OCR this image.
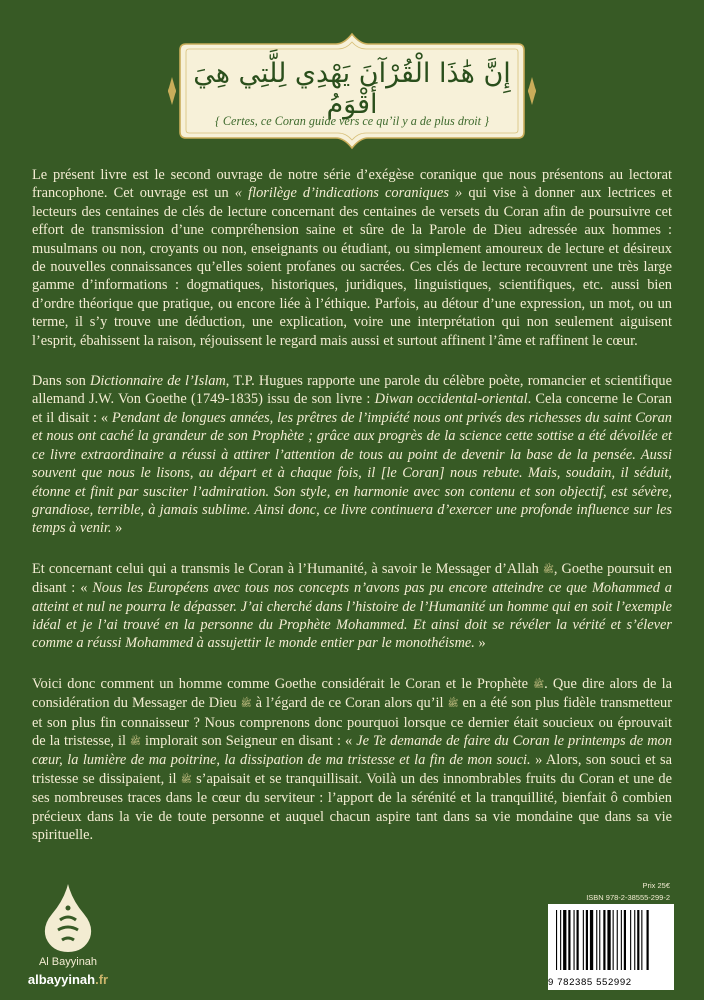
إِنَّ هَٰذَا الْقُرْآنَ يَهْدِي لِلَّتِي هِيَ أَقْوَمُ
{ Certes, ce Coran guide vers ce qu’il y a de plus droit }

Le présent livre est le second ouvrage de notre série d’exégèse coranique que nous présentons au lectorat francophone. Cet ouvrage est un « florilège d’indications coraniques » qui vise à donner aux lectrices et lecteurs des centaines de clés de lecture concernant des centaines de versets du Coran afin de poursuivre cet effort de transmission d’une compréhension saine et sûre de la Parole de Dieu adressée aux hommes : musulmans ou non, croyants ou non, enseignants ou étudiant, ou simplement amoureux de lecture et désireux de nouvelles connaissances qu’elles soient profanes ou sacrées. Ces clés de lecture recouvrent une très large gamme d’informations : dogmatiques, historiques, juridiques, linguistiques, scientifiques, etc. aussi bien d’ordre théorique que pratique, ou encore liée à l’éthique. Parfois, au détour d’une expression, un mot, ou un terme, il s’y trouve une déduction, une explication, voire une interprétation qui non seulement aiguisent l’esprit, ébahissent la raison, réjouissent le regard mais aussi et surtout affinent l’âme et raffinent le cœur.

Dans son Dictionnaire de l’Islam, T.P. Hugues rapporte une parole du célèbre poète, romancier et scientifique allemand J.W. Von Goethe (1749-1835) issu de son livre : Diwan occidental-oriental. Cela concerne le Coran et il disait : « Pendant de longues années, les prêtres de l’impiété nous ont privés des richesses du saint Coran et nous ont caché la grandeur de son Prophète ; grâce aux progrès de la science cette sottise a été dévoilée et ce livre extraordinaire a réussi à attirer l’attention de tous au point de devenir la base de la pensée. Aussi souvent que nous le lisons, au départ et à chaque fois, il [le Coran] nous rebute. Mais, soudain, il séduit, étonne et finit par susciter l’admiration. Son style, en harmonie avec son contenu et son objectif, est sévère, grandiose, terrible, à jamais sublime. Ainsi donc, ce livre continuera d’exercer une profonde influence sur les temps à venir. »

Et concernant celui qui a transmis le Coran à l’Humanité, à savoir le Messager d’Allah ﷺ, Goethe poursuit en disant : « Nous les Européens avec tous nos concepts n’avons pas pu encore atteindre ce que Mohammed a atteint et nul ne pourra le dépasser. J’ai cherché dans l’histoire de l’Humanité un homme qui en soit l’exemple idéal et je l’ai trouvé en la personne du Prophète Mohammed. Et ainsi doit se révéler la vérité et s’élever comme a réussi Mohammed à assujettir le monde entier par le monothéisme. »

Voici donc comment un homme comme Goethe considérait le Coran et le Prophète ﷺ. Que dire alors de la considération du Messager de Dieu ﷺ à l’égard de ce Coran alors qu’il ﷺ en a été son plus fidèle transmetteur et son plus fin connaisseur ? Nous comprenons donc pourquoi lorsque ce dernier était soucieux ou éprouvait de la tristesse, il ﷺ implorait son Seigneur en disant : « Je Te demande de faire du Coran le printemps de mon cœur, la lumière de ma poitrine, la dissipation de ma tristesse et la fin de mon souci. » Alors, son souci et sa tristesse se dissipaient, il ﷺ s’apaisait et se tranquillisait. Voilà un des innombrables fruits du Coran et une de ses nombreuses traces dans le cœur du serviteur : l’apport de la sérénité et la tranquillité, bienfait ô combien précieux dans la vie de toute personne et auquel chacun aspire tant dans sa vie mondaine que dans sa vie spirituelle.

Al Bayyinah
albayyinah.fr
Prix 25€
ISBN 978-2-38555-299-2
9 782385 552992
